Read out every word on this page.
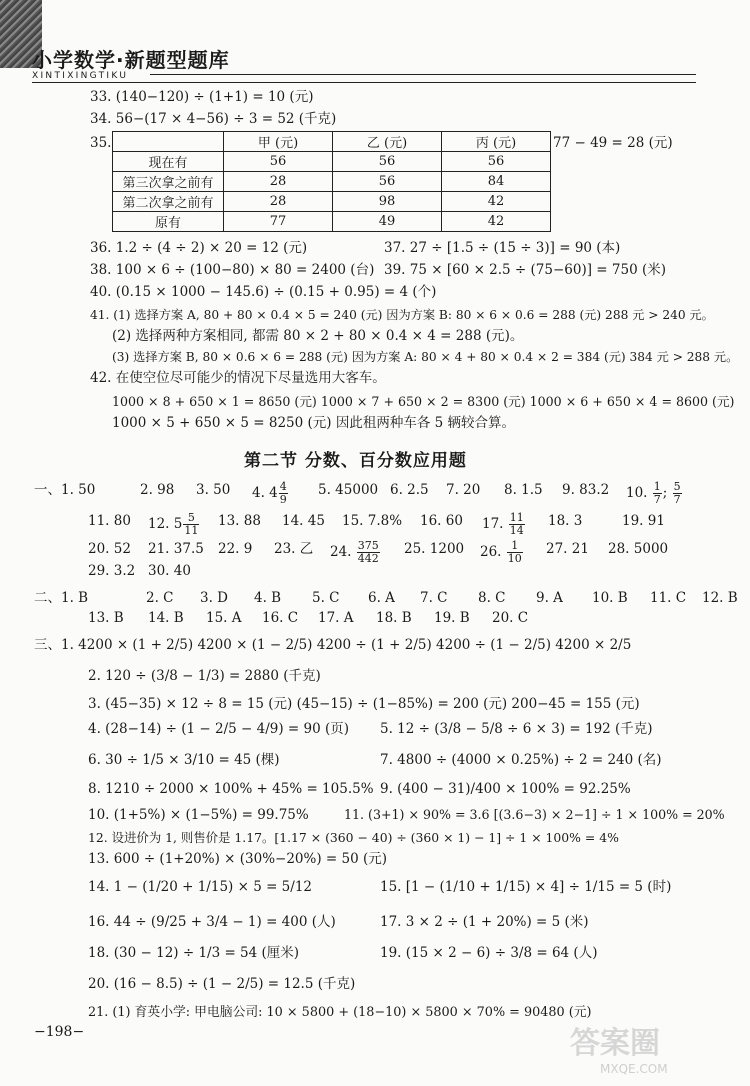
小学数学·新题型题库
XINTIXINGTIKU
33. (140−120) ÷ (1+1) = 10 (元)
34. 56−(17 × 4−56) ÷ 3 = 52 (千克)
35.
		甲 (元)	乙 (元)	丙 (元)
现在有	56	56	56
第三次拿之前有	28	56	84
第二次拿之前有	28	98	42
原有	77	49	42
77 − 49 = 28 (元)
36. 1.2 ÷ (4 ÷ 2) × 20 = 12 (元)	37. 27 ÷ [1.5 ÷ (15 ÷ 3)] = 90 (本)
38. 100 × 6 ÷ (100−80) × 80 = 2400 (台) 39. 75 × [60 × 2.5 ÷ (75−60)] = 750 (米)
40. (0.15 × 1000 − 145.6) ÷ (0.15 + 0.95) = 4 (个)
41. (1) 选择方案 A, 80 + 80 × 0.4 × 5 = 240 (元) 因为方案 B: 80 × 6 × 0.6 = 288 (元) 288 元 > 240 元。
(2) 选择两种方案相同, 都需 80 × 2 + 80 × 0.4 × 4 = 288 (元)。
(3) 选择方案 B, 80 × 0.6 × 6 = 288 (元) 因为方案 A: 80 × 4 + 80 × 0.4 × 2 = 384 (元) 384 元 > 288 元。
42. 在使空位尽可能少的情况下尽量选用大客车。
1000 × 8 + 650 × 1 = 8650 (元) 1000 × 7 + 650 × 2 = 8300 (元) 1000 × 6 + 650 × 4 = 8600 (元)
1000 × 5 + 650 × 5 = 8250 (元) 因此租两种车各 5 辆较合算。
第二节 分数、百分数应用题
一、1. 50	2. 98 3. 50 4. $4 \frac{4}{9} 5$. 45000 6. 2.5 7. 20 8. 1.5 9. 83.2 10. $\frac{1}{7}$ ; $\frac{5}{7}$
11. 80 12. $5 \frac{5}{11} 13$. 88 14. 45 15. 7.8% 16. 60 17. $\frac{11}{14} 18$. 3	19. 91
20. 52 21. 37.5 22. 9 23. 乙 24. $\frac{375}{442} 25$. 1200 26. $\frac{1}{10} 27$. 21 28. 5000
29. 3.2 30. 40
二、1. B	2. C 3. D 4. B 5. C 6. A 7. C 8. C 9. A 10. B 11. C 12. B
13. B 14. B 15. A 16. C 17. A 18. B 19. B 20. C
三、1. 4200 × (1 + 2/5) 4200 × (1 − 2/5) 4200 ÷ (1 + 2/5) 4200 ÷ (1 − 2/5) 4200 × 2/5
2. 120 ÷ (3/8 − 1/3) = 2880 (千克)
3. (45−35) × 12 ÷ 8 = 15 (元) (45−15) ÷ (1−85%) = 200 (元) 200−45 = 155 (元)
4. (28−14) ÷ (1 − 2/5 − 4/9) = 90 (页) 5. 12 ÷ (3/8 − 5/8 ÷ 6 × 3) = 192 (千克)
6. 30 ÷ 1/5 × 3/10 = 45 (棵)	7. 4800 ÷ (4000 × 0.25%) ÷ 2 = 240 (名)
8. 1210 ÷ 2000 × 100% + 45% = 105.5% 9. (400 − 31)/400 × 100% = 92.25%
10. (1+5%) × (1−5%) = 99.75%	11. (3+1) × 90% = 3.6 [(3.6−3) × 2−1] ÷ 1 × 100% = 20%
12. 设进价为 1, 则售价是 1.17。[1.17 × (360 − 40) ÷ (360 × 1) − 1] ÷ 1 × 100% = 4%
13. 600 ÷ (1+20%) × (30%−20%) = 50 (元)
14. 1 − (1/20 + 1/15) × 5 = 5/12	15. [1 − (1/10 + 1/15) × 4] ÷ 1/15 = 5 (时)
16. 44 ÷ (9/25 + 3/4 − 1) = 400 (人)	17. 3 × 2 ÷ (1 + 20%) = 5 (米)
18. (30 − 12) ÷ 1/3 = 54 (厘米)	19. (15 × 2 − 6) ÷ 3/8 = 64 (人)
20. (16 − 8.5) ÷ (1 − 2/5) = 12.5 (千克)
21. (1) 育英小学: 甲电脑公司: 10 × 5800 + (18−10) × 5800 × 70% = 90480 (元)
−198−	答案圈
MXQE.COM
